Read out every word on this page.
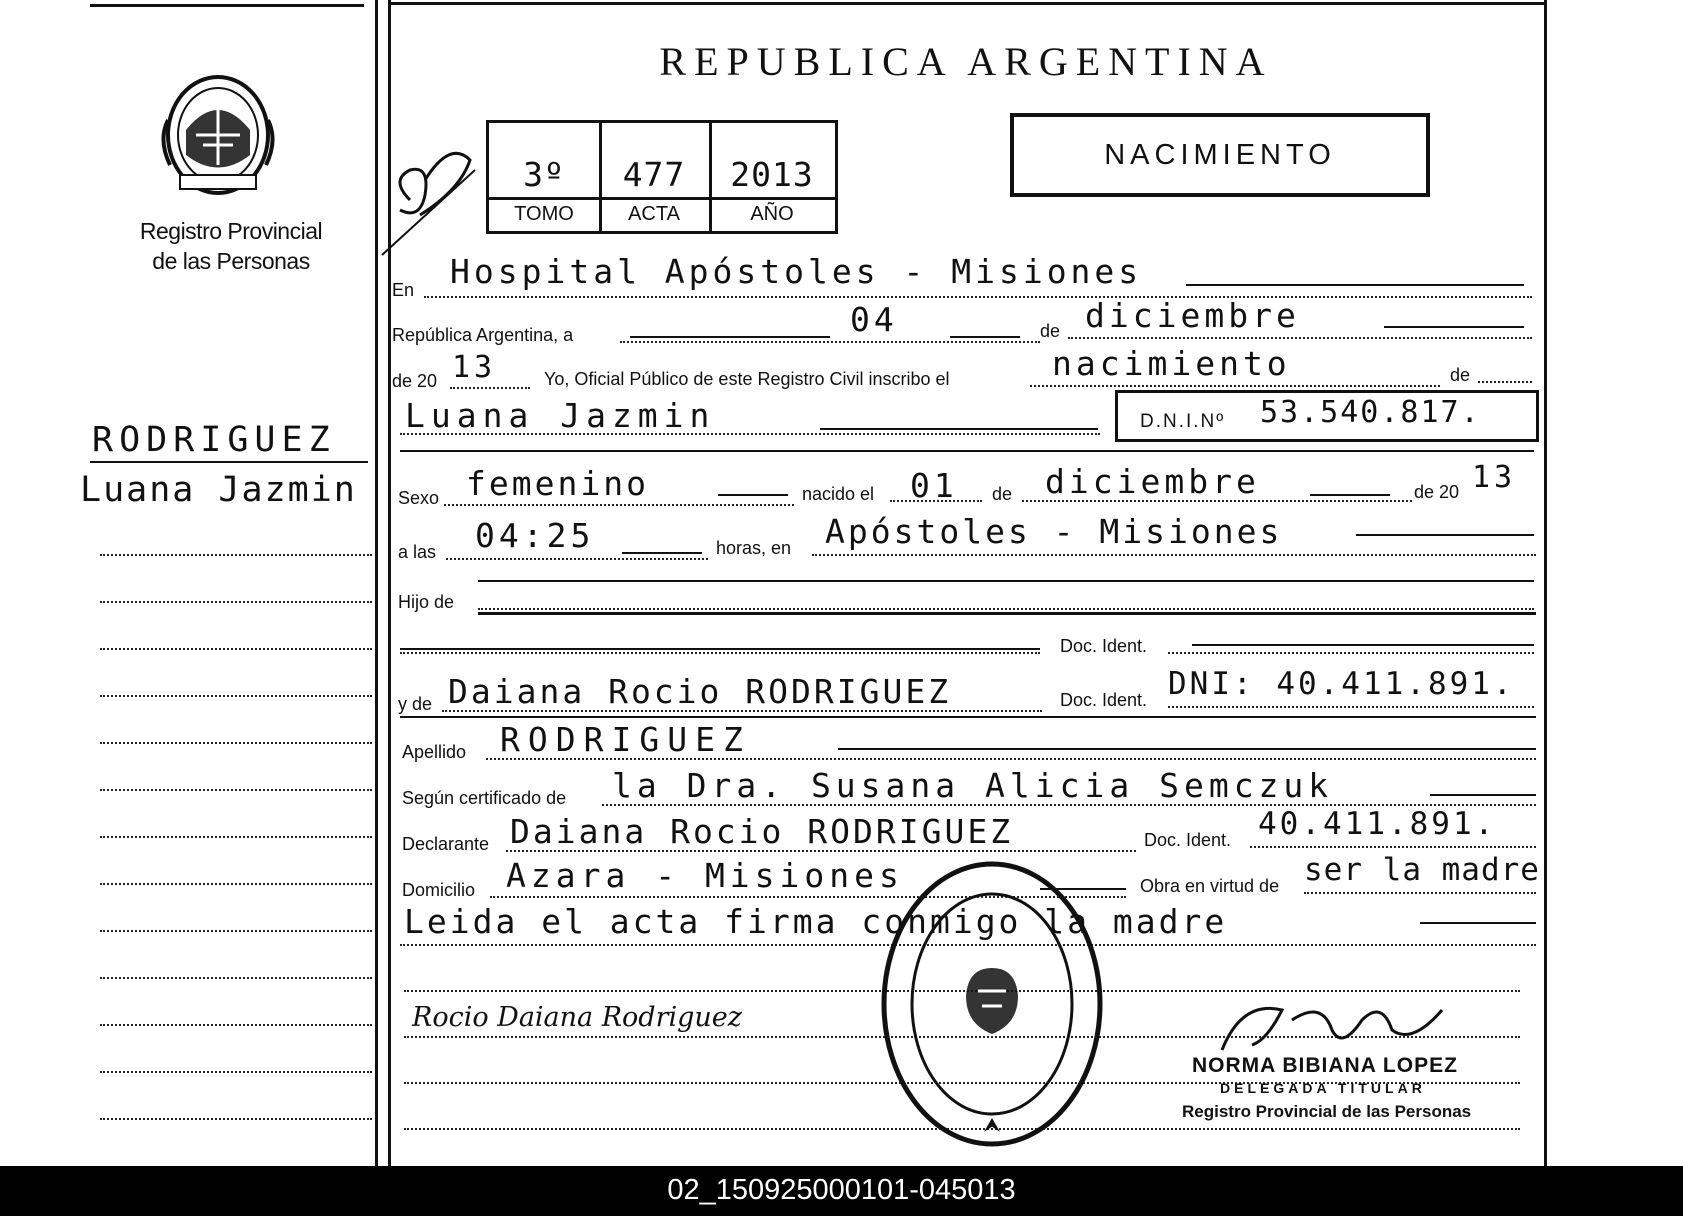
Registro Provincial
de las Personas
RODRIGUEZ
Luana Jazmin
REPUBLICA ARGENTINA
3º	477	2013
TOMO	ACTA	AÑO
NACIMIENTO
En Hospital Apóstoles - Misiones
República Argentina, a	04	de diciembre
de 20 13	Yo, Oficial Público de este Registro Civil inscribo el	nacimiento	de
Luana Jazmin	D.N.I.Nº 53.540.817.
Sexo femenino	nacido el 01 de diciembre	de 20 13
a las 04:25	horas, en Apóstoles - Misiones
Hijo de
Doc. Ident.
y de Daiana Rocio RODRIGUEZ	Doc. Ident. DNI: 40.411.891.
Apellido RODRIGUEZ
Según certificado de la Dra. Susana Alicia Semczuk
Declarante Daiana Rocio RODRIGUEZ	Doc. Ident. 40.411.891.
Domicilio Azara - Misiones	Obra en virtud de ser la madre
Leida el acta firma conmigo la madre
Rocio Daiana Rodriguez
NORMA BIBIANA LOPEZ
DELEGADA TITULAR
Registro Provincial de las Personas
02_150925000101-045013
